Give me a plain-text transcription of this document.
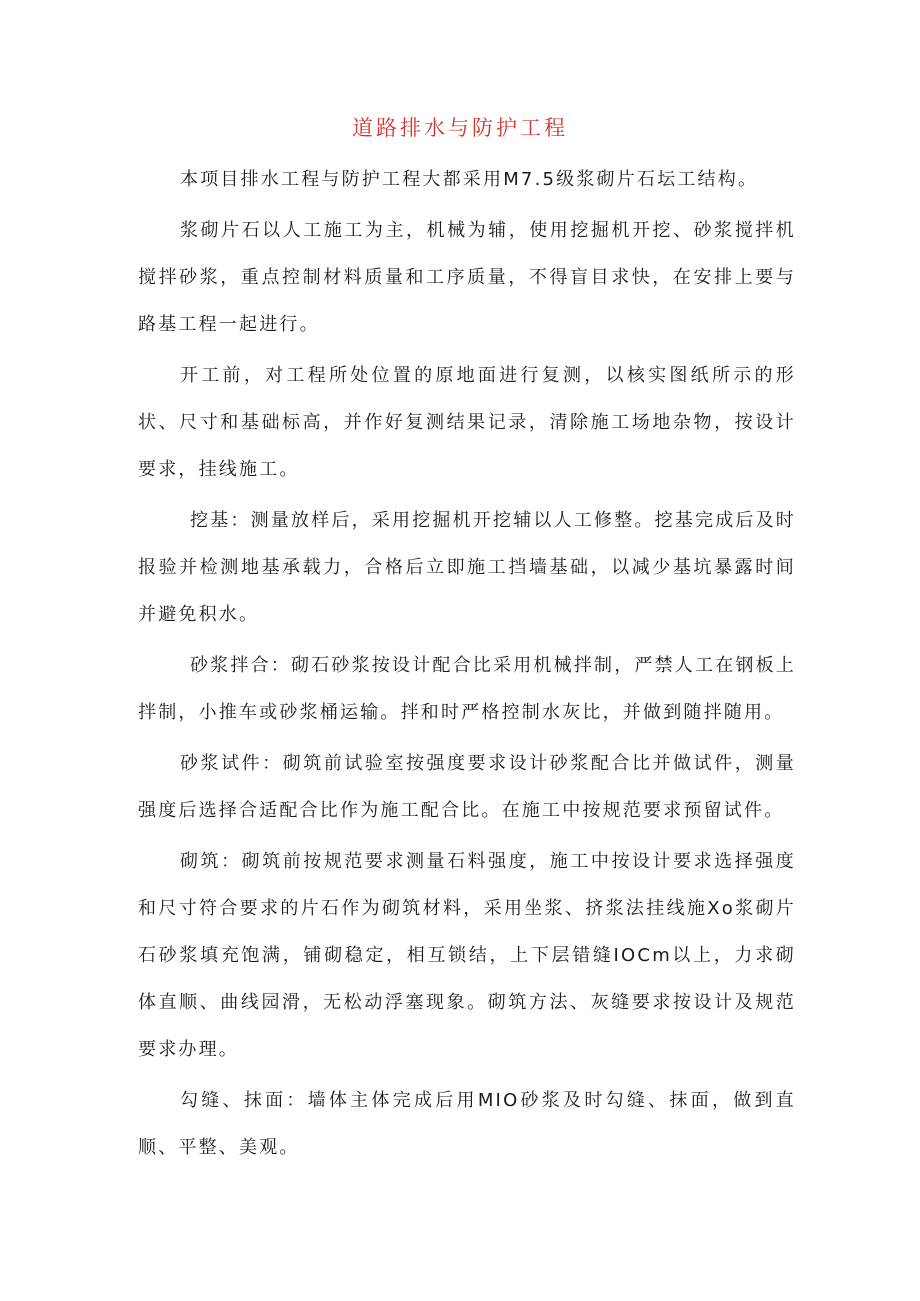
道路排水与防护工程

本项目排水工程与防护工程大都采用M7.5级浆砌片石坛工结构。

浆砌片石以人工施工为主，机械为辅，使用挖掘机开挖、砂浆搅拌机搅拌砂浆，重点控制材料质量和工序质量，不得盲目求快，在安排上要与路基工程一起进行。

开工前，对工程所处位置的原地面进行复测，以核实图纸所示的形状、尺寸和基础标高，并作好复测结果记录，清除施工场地杂物，按设计要求，挂线施工。

挖基：测量放样后，采用挖掘机开挖辅以人工修整。挖基完成后及时报验并检测地基承载力，合格后立即施工挡墙基础，以减少基坑暴露时间并避免积水。

砂浆拌合：砌石砂浆按设计配合比采用机械拌制，严禁人工在钢板上拌制，小推车或砂浆桶运输。拌和时严格控制水灰比，并做到随拌随用。

砂浆试件：砌筑前试验室按强度要求设计砂浆配合比并做试件，测量强度后选择合适配合比作为施工配合比。在施工中按规范要求预留试件。

砌筑：砌筑前按规范要求测量石料强度，施工中按设计要求选择强度和尺寸符合要求的片石作为砌筑材料，采用坐浆、挤浆法挂线施Xo浆砌片石砂浆填充饱满，铺砌稳定，相互锁结，上下层错缝IOCm以上，力求砌体直顺、曲线园滑，无松动浮塞现象。砌筑方法、灰缝要求按设计及规范要求办理。

勾缝、抹面：墙体主体完成后用MIO砂浆及时勾缝、抹面，做到直顺、平整、美观。
